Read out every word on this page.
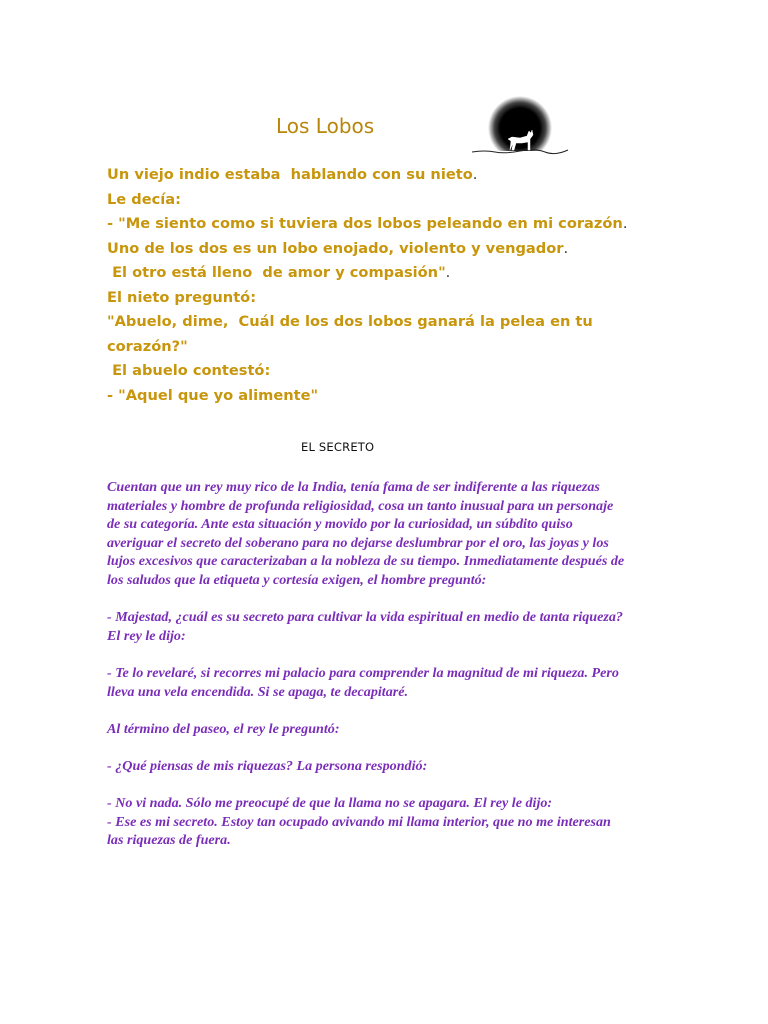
Los Lobos
Un viejo indio estaba  hablando con su nieto.
Le decía:
- "Me siento como si tuviera dos lobos peleando en mi corazón.
Uno de los dos es un lobo enojado, violento y vengador.
El otro está lleno  de amor y compasión".
El nieto preguntó:
"Abuelo, dime,  Cuál de los dos lobos ganará la pelea en tu
corazón?"
El abuelo contestó:
- "Aquel que yo alimente"
EL SECRETO

Cuentan que un rey muy rico de la India, tenía fama de ser indiferente a las riquezas
materiales y hombre de profunda religiosidad, cosa un tanto inusual para un personaje
de su categoría. Ante esta situación y movido por la curiosidad, un súbdito quiso
averiguar el secreto del soberano para no dejarse deslumbrar por el oro, las joyas y los
lujos excesivos que caracterizaban a la nobleza de su tiempo. Inmediatamente después de
los saludos que la etiqueta y cortesía exigen, el hombre preguntó:

- Majestad, ¿cuál es su secreto para cultivar la vida espiritual en medio de tanta riqueza?
El rey le dijo:

- Te lo revelaré, si recorres mi palacio para comprender la magnitud de mi riqueza. Pero
lleva una vela encendida. Si se apaga, te decapitaré.

Al término del paseo, el rey le preguntó:

- ¿Qué piensas de mis riquezas? La persona respondió:

- No vi nada. Sólo me preocupé de que la llama no se apagara. El rey le dijo:

- Ese es mi secreto. Estoy tan ocupado avivando mi llama interior, que no me interesan
las riquezas de fuera.
